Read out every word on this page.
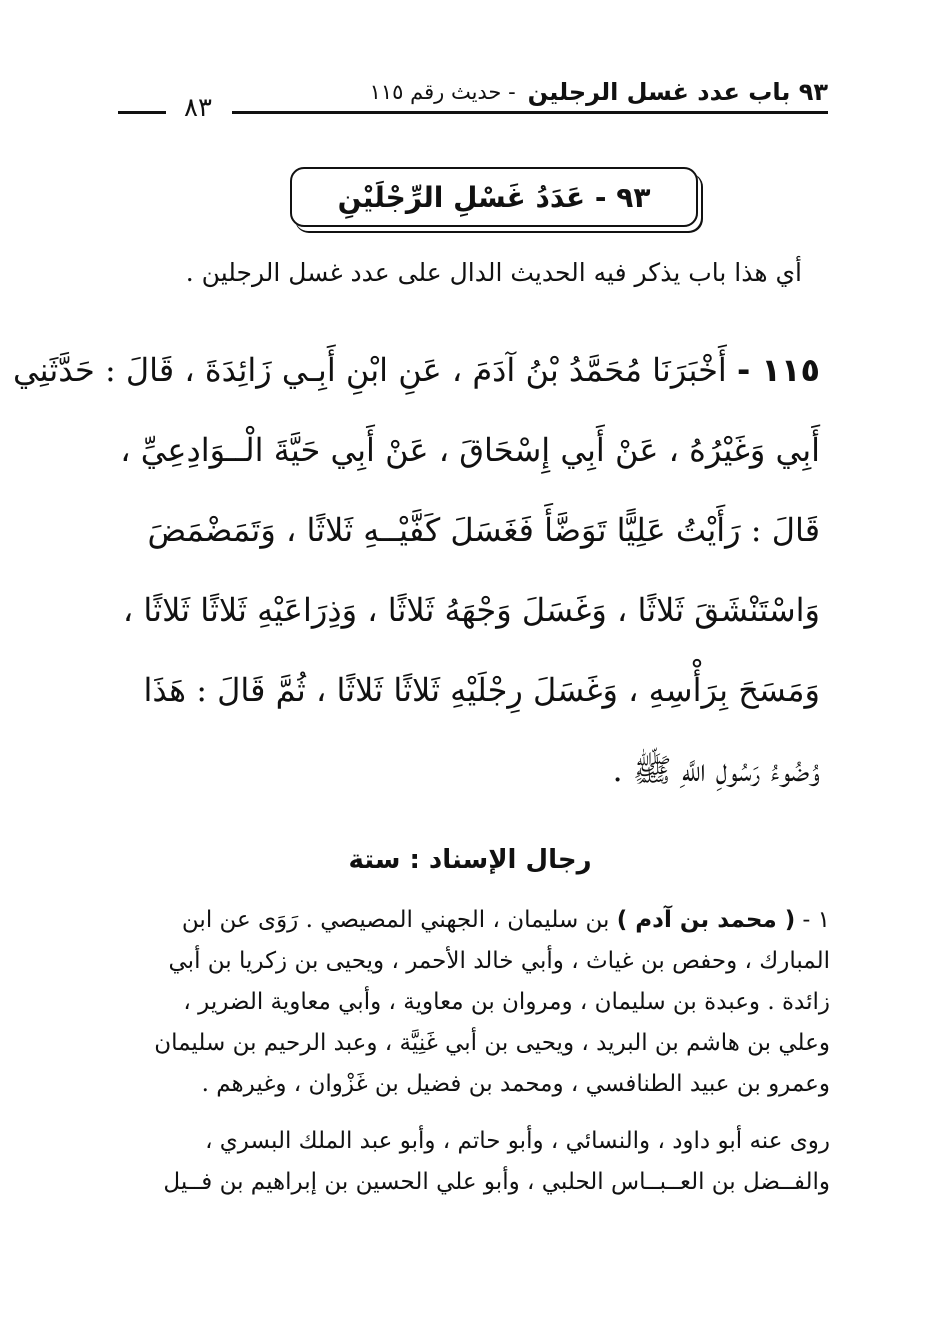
٩٣ باب عدد غسل الرجلين
- حديث رقم ١١٥
٨٣
٩٣ - عَدَدُ غَسْلِ الرِّجْلَيْنِ
أي هذا باب يذكر فيه الحديث الدال على عدد غسل الرجلين .
١١٥ - أَخْبَرَنَا مُحَمَّدُ بْنُ آدَمَ ، عَنِ ابْنِ أَبِـي زَائِدَةَ ، قَالَ : حَدَّثَنِي
أَبِي وَغَيْرُهُ ، عَنْ أَبِي إِسْحَاقَ ، عَنْ أَبِي حَيَّةَ الْــوَادِعِيِّ ،
قَالَ : رَأَيْتُ عَلِيًّا تَوَضَّأَ فَغَسَلَ كَفَّيْــهِ ثَلاثًا ، وَتَمَضْمَضَ
وَاسْتَنْشَقَ ثَلاثًا ، وَغَسَلَ وَجْهَهُ ثَلاثًا ، وَذِرَاعَيْهِ ثَلاثًا ثَلاثًا ،
وَمَسَحَ بِرَأْسِهِ ، وَغَسَلَ رِجْلَيْهِ ثَلاثًا ثَلاثًا ، ثُمَّ قَالَ : هَذَا
وُضُوءُ رَسُولِ اللَّهِ ﷺ .
رجال الإسناد : ستة
١ - ( محمد بن آدم ) بن سليمان ، الجهني المصيصي . رَوَى عن ابن
المبارك ، وحفص بن غياث ، وأبي خالد الأحمر ، ويحيى بن زكريا بن أبي
زائدة . وعبدة بن سليمان ، ومروان بن معاوية ، وأبي معاوية الضرير ،
وعلي بن هاشم بن البريد ، ويحيى بن أبي غَنِيَّة ، وعبد الرحيم بن سليمان
وعمرو بن عبيد الطنافسي ، ومحمد بن فضيل بن غَزْوان ، وغيرهم .
روى عنه أبو داود ، والنسائي ، وأبو حاتم ، وأبو عبد الملك البسري ،
والفــضل بن العــبــاس الحلبي ، وأبو علي الحسين بن إبراهيم بن فــيل
